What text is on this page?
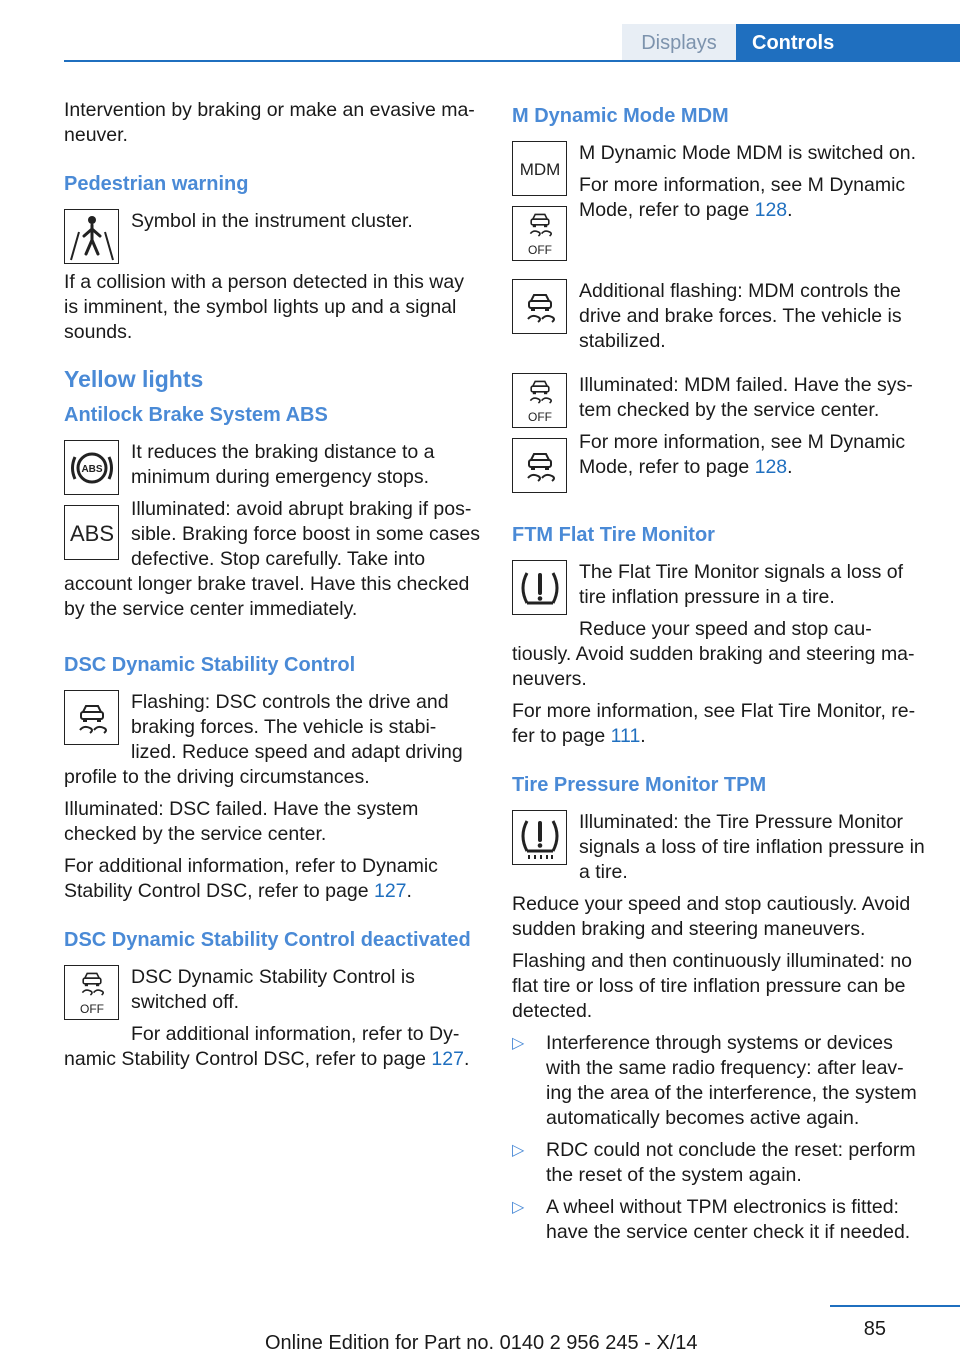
Displays	Controls

Intervention by braking or make an evasive ma‐ neuver.

Pedestrian warning

Symbol in the instrument cluster.

If a collision with a person detected in this way is imminent, the symbol lights up and a signal sounds.

Yellow lights
Antilock Brake System ABS
ABS
ABS

It reduces the braking distance to a minimum during emergency stops.

Illuminated: avoid abrupt braking if pos‐ sible. Braking force boost in some cases defective. Stop carefully. Take into account longer brake travel. Have this checked by the service center immediately.

DSC Dynamic Stability Control

Flashing: DSC controls the drive and braking forces. The vehicle is stabi‐ lized. Reduce speed and adapt driving profile to the driving circumstances.

Illuminated: DSC failed. Have the system checked by the service center.

For additional information, refer to Dynamic Stability Control DSC, refer to page 127.

DSC Dynamic Stability Control deactivated
OFF

DSC Dynamic Stability Control is switched off.

For additional information, refer to Dy‐ namic Stability Control DSC, refer to page 127.

M Dynamic Mode MDM
MDM
OFF

M Dynamic Mode MDM is switched on.

For more information, see M Dynamic Mode, refer to page 128.

Additional flashing: MDM controls the drive and brake forces. The vehicle is stabilized.

OFF

Illuminated: MDM failed. Have the sys‐ tem checked by the service center.

For more information, see M Dynamic Mode, refer to page 128.

FTM Flat Tire Monitor

The Flat Tire Monitor signals a loss of tire inflation pressure in a tire.

Reduce your speed and stop cau‐ tiously. Avoid sudden braking and steering ma‐ neuvers.

For more information, see Flat Tire Monitor, re‐ fer to page 111.

Tire Pressure Monitor TPM

Illuminated: the Tire Pressure Monitor signals a loss of tire inflation pressure in a tire.

Reduce your speed and stop cautiously. Avoid sudden braking and steering maneuvers.

Flashing and then continuously illuminated: no flat tire or loss of tire inflation pressure can be detected.

▷ Interference through systems or devices with the same radio frequency: after leav‐ ing the area of the interference, the system automatically becomes active again.
▷ RDC could not conclude the reset: perform the reset of the system again.
▷ A wheel without TPM electronics is fitted: have the service center check it if needed.
85
Online Edition for Part no. 0140 2 956 245 - X/14
